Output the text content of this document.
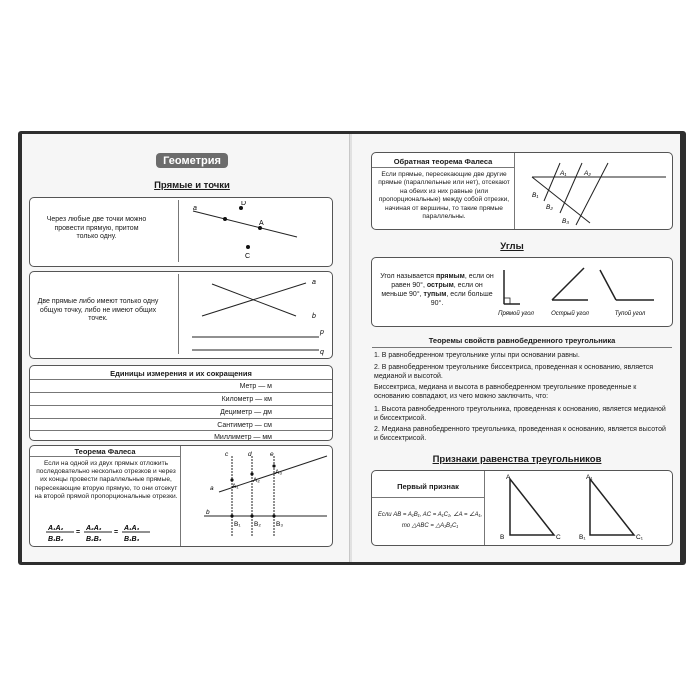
Геометрия
Прямые и точки
Через любые две точки можно провести прямую, притом только одну.
a
D
A
C
Две прямые либо имеют только одну общую точку, либо не имеют общих точек.
a
b
p
q
Единицы измерения и их сокращения
Метр — м
Километр — км
Дециметр — дм
Сантиметр — см
Миллиметр — мм
Теорема Фалеса
Если на одной из двух прямых отложить последовательно несколько отрезков и через их концы провести параллельные прямые, пересекающие вторую прямую, то они отсекут на второй прямой пропорциональные отрезки.
A₁A₂
B₁B₂
=
A₂A₃
B₂B₃
=
A₁A₃
B₁B₃
c	d	e
a
b
A₁
A₂
A₃
B₁ B₂ B₃
Обратная теорема Фалеса
Если прямые, пересекающие две другие прямые (параллельные или нет), отсекают на обеих из них равные (или пропорциональные) между собой отрезки, начиная от вершины, то такие прямые параллельны.
A₁	A₂
B₁
B₂
B₃
Углы
Угол называется прямым, если он равен 90°, острым, если он меньше 90°, тупым, если больше 90°.
Прямой угол	Острый угол	Тупой угол
Теоремы свойств равнобедренного треугольника
1. В равнобедренном треугольнике углы при основании равны.
2. В равнобедренном треугольнике биссектриса, проведенная к основанию, является медианой и высотой.
Биссектриса, медиана и высота в равнобедренном треугольнике проведенные к основанию совпадают, из чего можно заключить, что:
1. Высота равнобедренного треугольника, проведенная к основанию, является медианой и биссектрисой.
2. Медиана равнобедренного треугольника, проведенная к основанию, является высотой и биссектрисой.
Признаки равенства треугольников
Первый признак
Если AB = A₁B₁, AC = A₁C₁, ∠A = ∠A₁,
то △ABC = △A₁B₁C₁
A
B	C
A₁
B₁	C₁
